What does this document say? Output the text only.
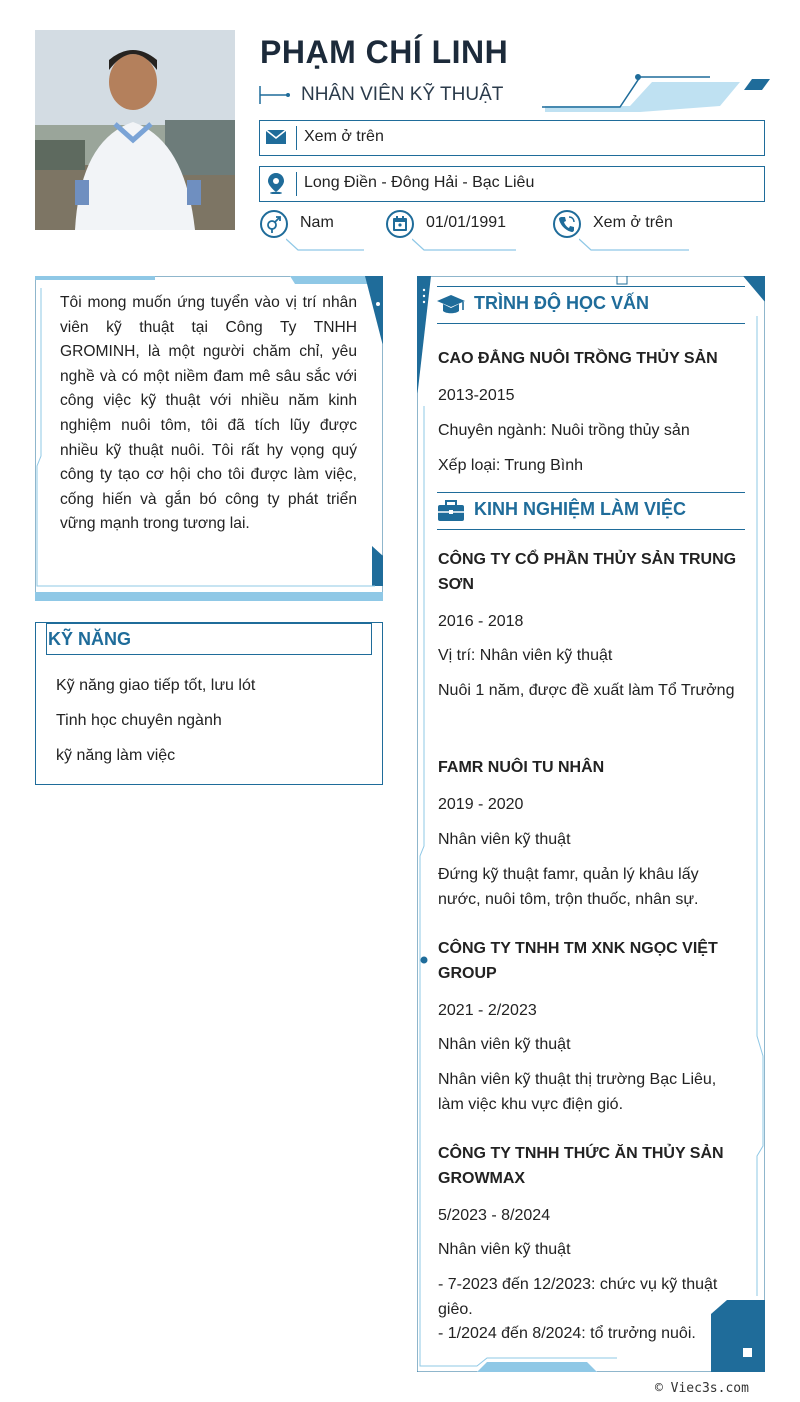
PHẠM CHÍ LINH
NHÂN VIÊN KỸ THUẬT
Xem ở trên
Long Điền - Đông Hải - Bạc Liêu
Nam	01/01/1991	Xem ở trên
Tôi mong muốn ứng tuyển vào vị trí nhân viên kỹ thuật tại Công Ty TNHH GROMINH, là một người chăm chỉ, yêu nghề và có một niềm đam mê sâu sắc với công việc kỹ thuật với nhiều năm kinh nghiệm nuôi tôm, tôi đã tích lũy được nhiều kỹ thuật nuôi. Tôi rất hy vọng quý công ty tạo cơ hội cho tôi được làm việc, cống hiến và gắn bó công ty phát triển vững mạnh trong tương lai.
KỸ NĂNG
Kỹ năng giao tiếp tốt, lưu lót
Tinh học chuyên ngành
kỹ năng làm việc
TRÌNH ĐỘ HỌC VẤN
CAO ĐẲNG NUÔI TRỒNG THỦY SẢN
2013-2015
Chuyên ngành: Nuôi trồng thủy sản
Xếp loại: Trung Bình
KINH NGHIỆM LÀM VIỆC
CÔNG TY CỔ PHẦN THỦY SẢN TRUNG SƠN
2016 - 2018
Vị trí: Nhân viên kỹ thuật
Nuôi 1 năm, được đề xuất làm Tổ Trưởng
FAMR NUÔI TU NHÂN
2019 - 2020
Nhân viên kỹ thuật
Đứng kỹ thuật famr, quản lý khâu lấy nước, nuôi tôm, trộn thuốc, nhân sự.
CÔNG TY TNHH TM XNK NGỌC VIỆT GROUP
2021 - 2/2023
Nhân viên kỹ thuật
Nhân viên kỹ thuật thị trường Bạc Liêu, làm việc khu vực điện gió.
CÔNG TY TNHH THỨC ĂN THỦY SẢN GROWMAX
5/2023 - 8/2024
Nhân viên kỹ thuật
- 7-2023 đến 12/2023: chức vụ kỹ thuật giêo.
- 1/2024 đến 8/2024: tổ trưởng nuôi.
© Viec3s.com
